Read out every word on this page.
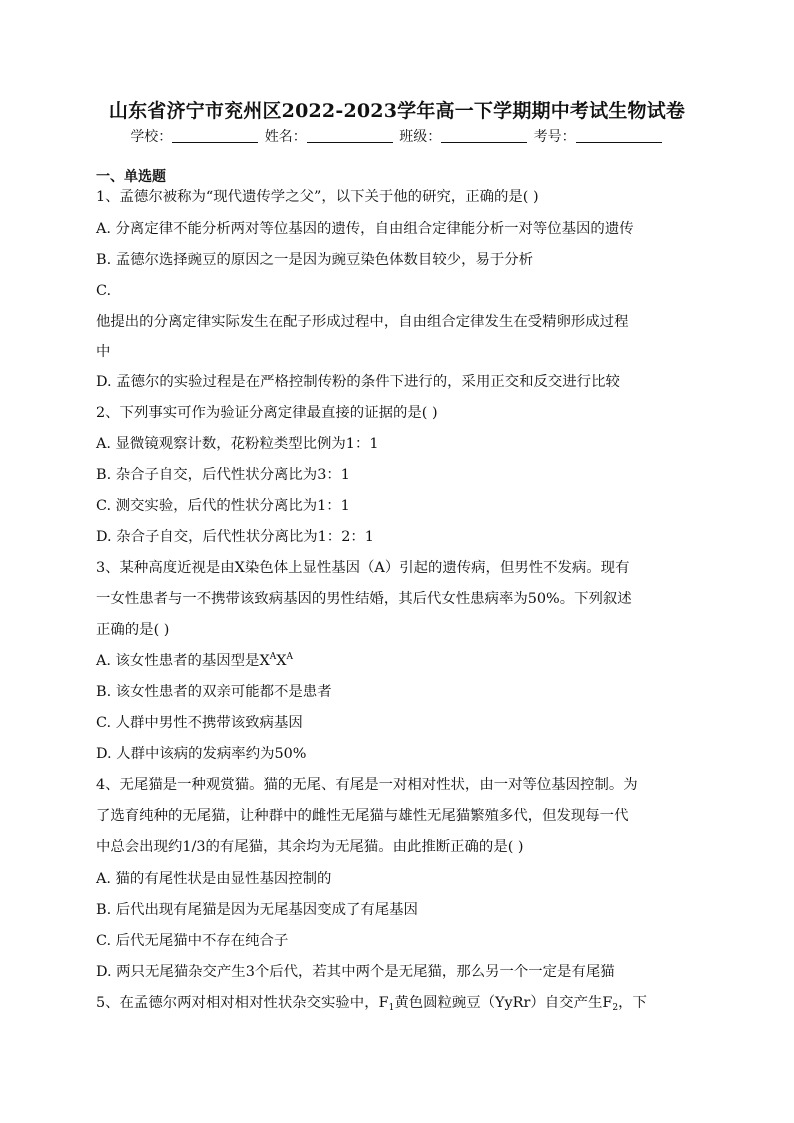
山东省济宁市兖州区2022-2023学年高一下学期期中考试生物试卷
学校：	姓名：	班级：	考号：
一、单选题
1、孟德尔被称为“现代遗传学之父”，以下关于他的研究，正确的是( )
A. 分离定律不能分析两对等位基因的遗传，自由组合定律能分析一对等位基因的遗传
B. 孟德尔选择豌豆的原因之一是因为豌豆染色体数目较少，易于分析
C.
他提出的分离定律实际发生在配子形成过程中，自由组合定律发生在受精卵形成过程
中
D. 孟德尔的实验过程是在严格控制传粉的条件下进行的，采用正交和反交进行比较
2、下列事实可作为验证分离定律最直接的证据的是( )
A. 显微镜观察计数，花粉粒类型比例为1：1
B. 杂合子自交，后代性状分离比为3：1
C. 测交实验，后代的性状分离比为1：1
D. 杂合子自交，后代性状分离比为1：2：1
3、某种高度近视是由X染色体上显性基因（A）引起的遗传病，但男性不发病。现有
一女性患者与一不携带该致病基因的男性结婚，其后代女性患病率为50%。下列叙述
正确的是( )
A. 该女性患者的基因型是$X^AX^A$
B. 该女性患者的双亲可能都不是患者
C. 人群中男性不携带该致病基因
D. 人群中该病的发病率约为50%
4、无尾猫是一种观赏猫。猫的无尾、有尾是一对相对性状，由一对等位基因控制。为
了选育纯种的无尾猫，让种群中的雌性无尾猫与雄性无尾猫繁殖多代，但发现每一代
中总会出现约1/3的有尾猫，其余均为无尾猫。由此推断正确的是( )
A. 猫的有尾性状是由显性基因控制的
B. 后代出现有尾猫是因为无尾基因变成了有尾基因
C. 后代无尾猫中不存在纯合子
D. 两只无尾猫杂交产生3个后代，若其中两个是无尾猫，那么另一个一定是有尾猫
5、在孟德尔两对相对相对性状杂交实验中，$F_1$黄色圆粒豌豆（YyRr）自交产生$F_2$，下
